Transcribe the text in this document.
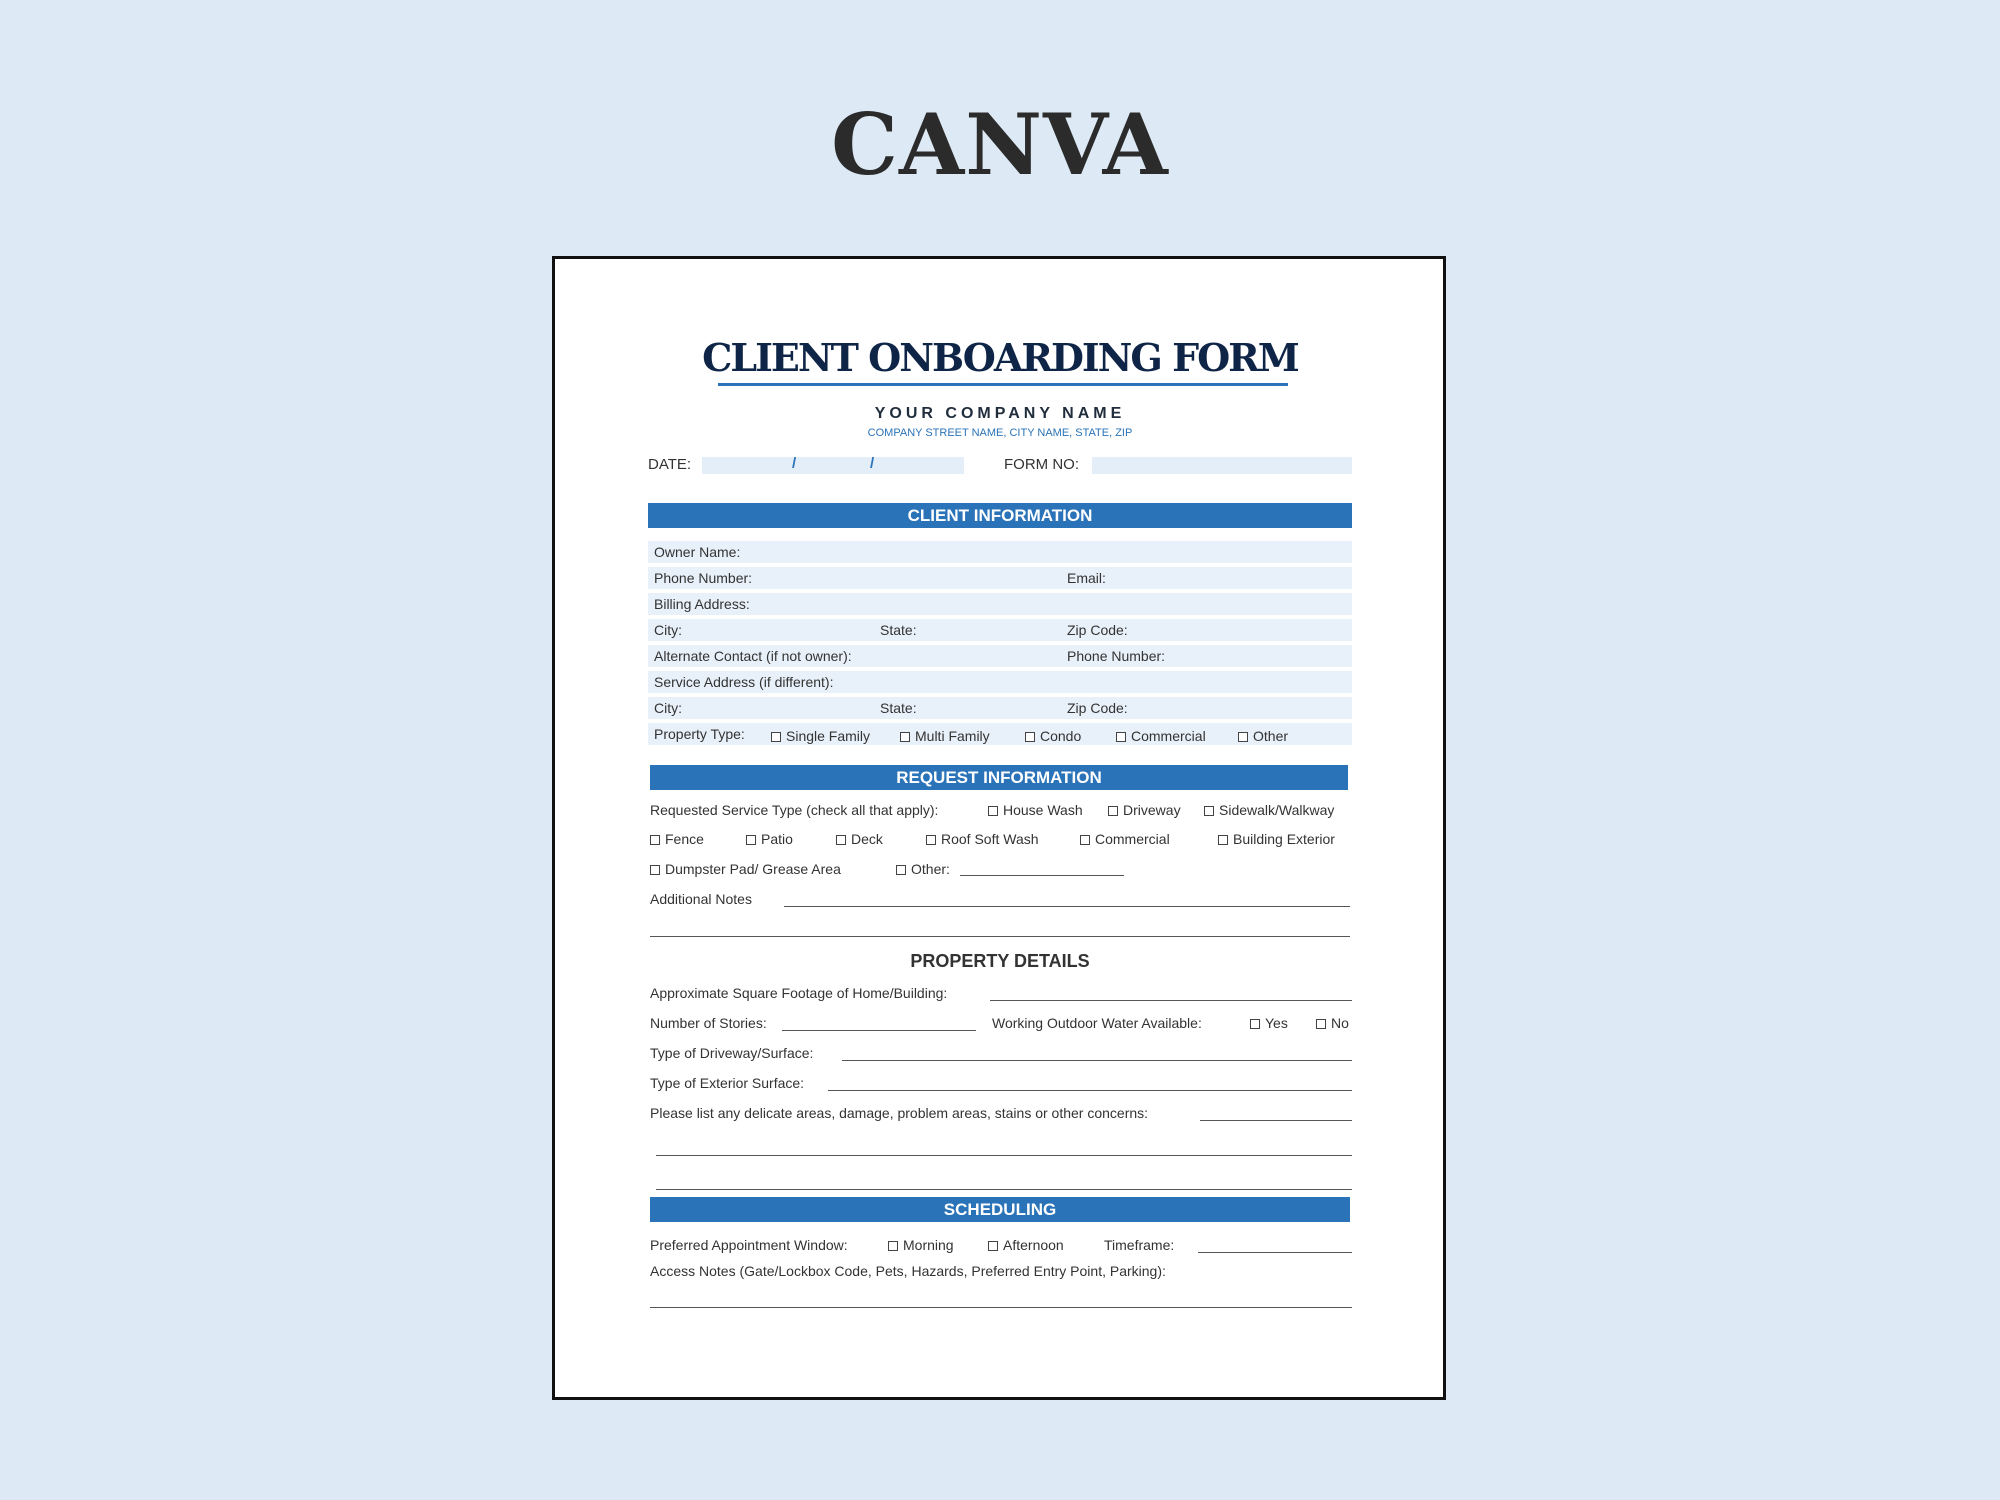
CANVA
CLIENT ONBOARDING FORM
YOUR COMPANY NAME
COMPANY STREET NAME, CITY NAME, STATE, ZIP
DATE:	/	/	FORM NO:
CLIENT INFORMATION
Owner Name:
Phone Number:	Email:
Billing Address:
City:	State:	Zip Code:
Alternate Contact (if not owner):	Phone Number:
Service Address (if different):
City:	State:	Zip Code:
Property Type:	Single Family	Multi Family	Condo	Commercial	Other
REQUEST INFORMATION
Requested Service Type (check all that apply):	House Wash	Driveway	Sidewalk/Walkway
Fence	Patio	Deck	Roof Soft Wash	Commercial	Building Exterior
Dumpster Pad/ Grease Area	Other:
Additional Notes
PROPERTY DETAILS
Approximate Square Footage of Home/Building:
Number of Stories:	Working Outdoor Water Available:	Yes	No
Type of Driveway/Surface:
Type of Exterior Surface:
Please list any delicate areas, damage, problem areas, stains or other concerns:
SCHEDULING
Preferred Appointment Window:	Morning	Afternoon	Timeframe:
Access Notes (Gate/Lockbox Code, Pets, Hazards, Preferred Entry Point, Parking):
